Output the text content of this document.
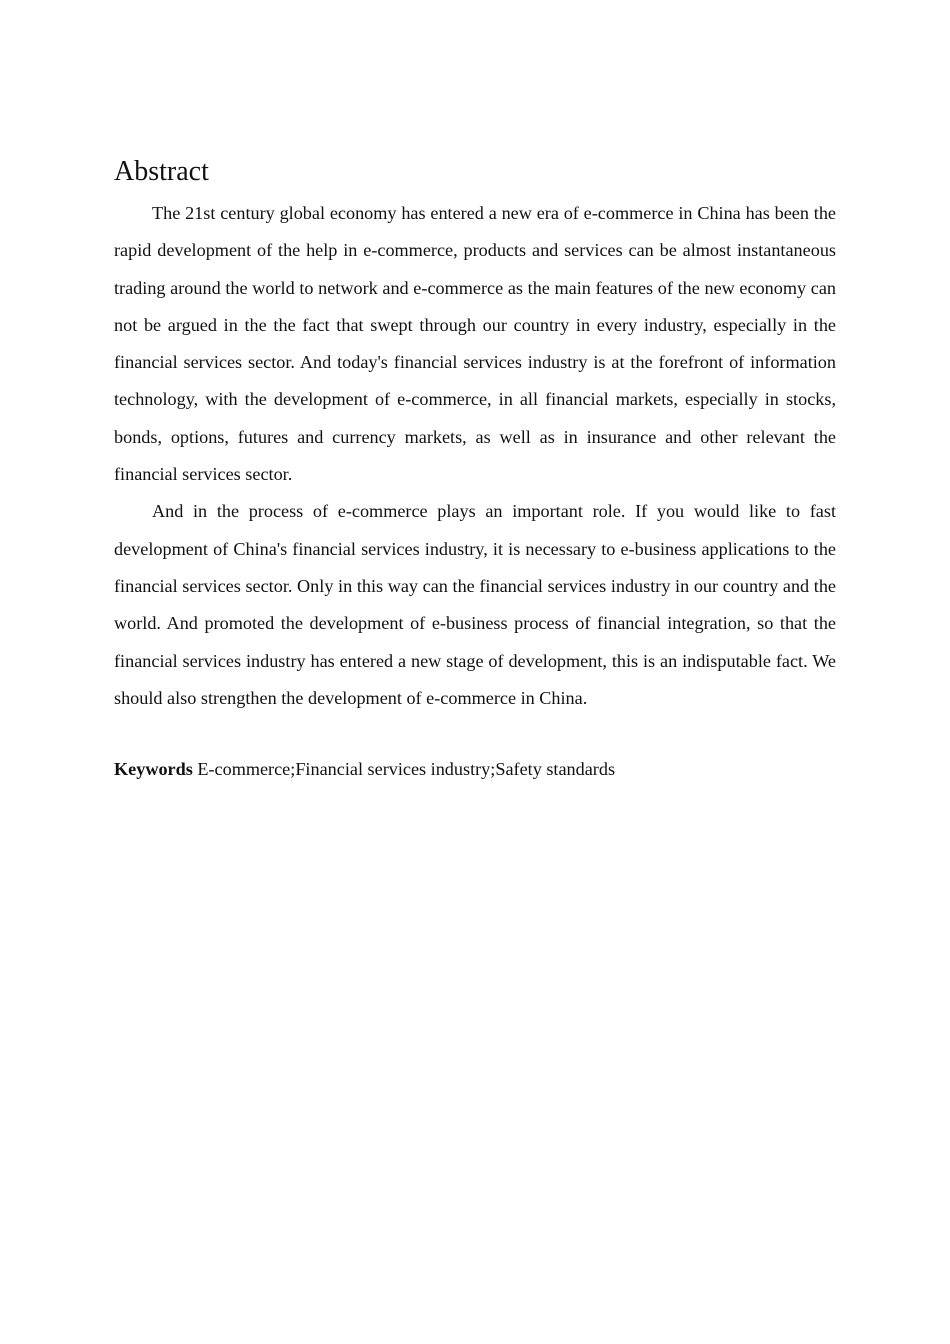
Abstract

The 21st century global economy has entered a new era of e-commerce in China has been the rapid development of the help in e-commerce, products and services can be almost instantaneous trading around the world to network and e-commerce as the main features of the new economy can not be argued in the the fact that swept through our country in every industry, especially in the financial services sector. And today's financial services industry is at the forefront of information technology, with the development of e-commerce, in all financial markets, especially in stocks, bonds, options, futures and currency markets, as well as in insurance and other relevant the financial services sector.

And in the process of e-commerce plays an important role. If you would like to fast development of China's financial services industry, it is necessary to e-business applications to the financial services sector. Only in this way can the financial services industry in our country and the world. And promoted the development of e-business process of financial integration, so that the financial services industry has entered a new stage of development, this is an indisputable fact. We should also strengthen the development of e-commerce in China.

Keywords E-commerce;Financial services industry;Safety standards
